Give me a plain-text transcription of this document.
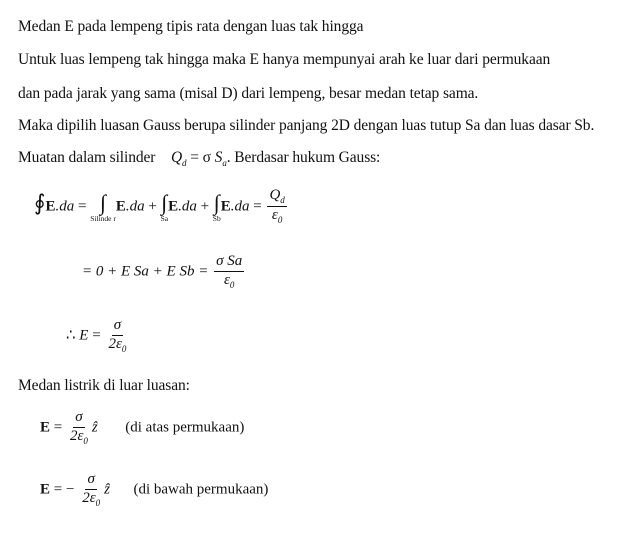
Medan E pada lempeng tipis rata dengan luas tak hingga
Untuk luas lempeng tak hingga maka E hanya mempunyai arah ke luar dari permukaan
dan pada jarak yang sama (misal D) dari lempeng, besar medan tetap sama.
Maka dipilih luasan Gauss berupa silinder panjang 2D dengan luas tutup Sa dan luas dasar Sb.
Muatan dalam silinder $Q_d = \sigma$ $S_a$. Berdasar hukum Gauss:
∮
E.da = ∫
Silinde r
E.da + ∫
Sa
E.da + ∫
Sb
$E.da = \frac{Q_d}{\varepsilon_0}$
= 0 + E Sa + E $Sb = \frac{\text{σ Sa}}{\varepsilon_0}$
∴ $E = \frac{\sigma}{2\varepsilon_0}$
Medan listrik di luar luasan:
$E = \frac{\sigma}{2\varepsilon_0}$ ẑ (di atas permukaan)
E = − $\frac{\sigma}{2\varepsilon_0}$ ẑ (di bawah permukaan)
